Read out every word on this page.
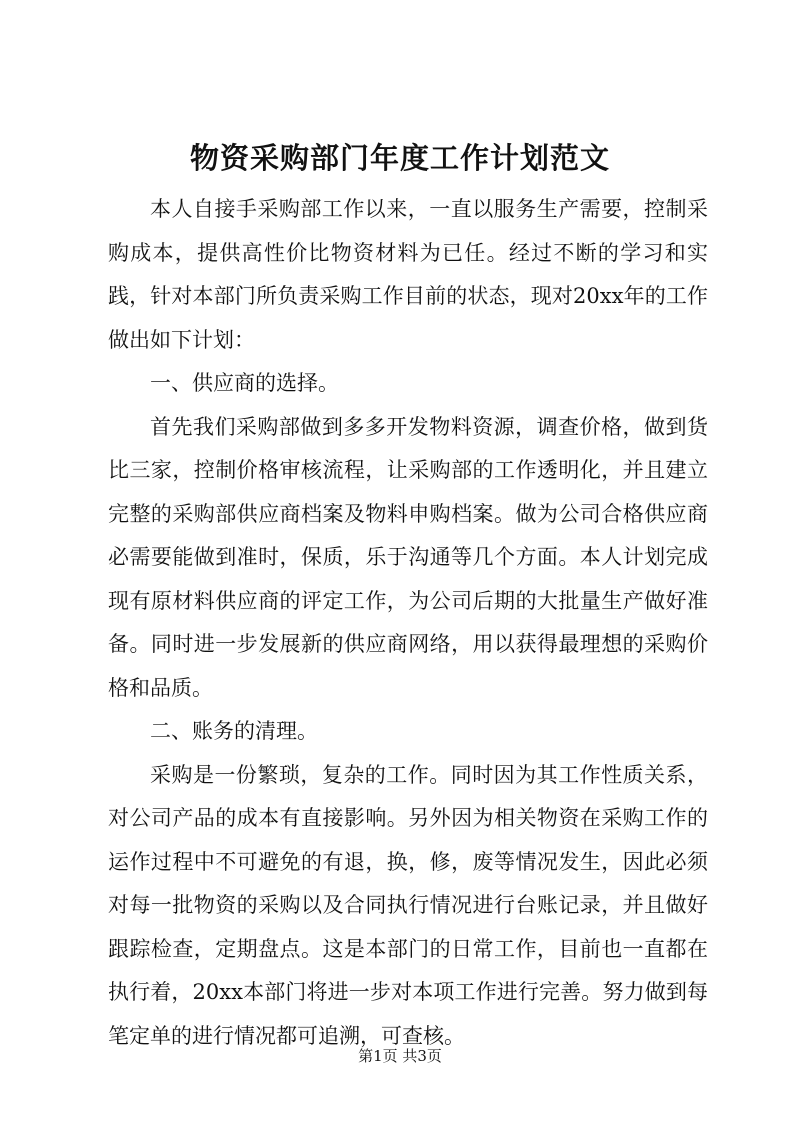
物资采购部门年度工作计划范文

本人自接手采购部工作以来，一直以服务生产需要，控制采购成本，提供高性价比物资材料为已任。经过不断的学习和实践，针对本部门所负责采购工作目前的状态，现对20xx年的工作做出如下计划：

一、供应商的选择。

首先我们采购部做到多多开发物料资源，调查价格，做到货比三家，控制价格审核流程，让采购部的工作透明化，并且建立完整的采购部供应商档案及物料申购档案。做为公司合格供应商必需要能做到准时，保质，乐于沟通等几个方面。本人计划完成现有原材料供应商的评定工作，为公司后期的大批量生产做好准备。同时进一步发展新的供应商网络，用以获得最理想的采购价格和品质。

二、账务的清理。

采购是一份繁琐，复杂的工作。同时因为其工作性质关系，对公司产品的成本有直接影响。另外因为相关物资在采购工作的运作过程中不可避免的有退，换，修，废等情况发生，因此必须对每一批物资的采购以及合同执行情况进行台账记录，并且做好跟踪检查，定期盘点。这是本部门的日常工作，目前也一直都在执行着，20xx本部门将进一步对本项工作进行完善。努力做到每笔定单的进行情况都可追溯，可查核。

第1页 共3页
